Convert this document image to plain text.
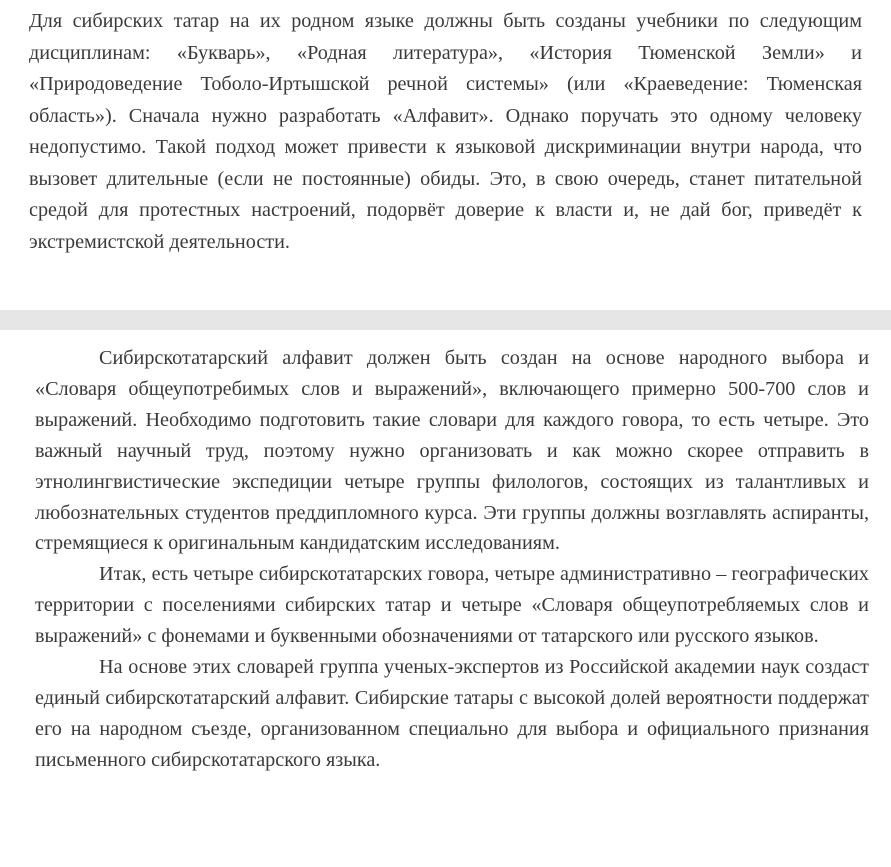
Для сибирских татар на их родном языке должны быть созданы учебники по следующим дисциплинам: «Букварь», «Родная литература», «История Тюменской Земли» и «Природоведение Тоболо-Иртышской речной системы» (или «Краеведение: Тюменская область»). Сначала нужно разработать «Алфавит». Однако поручать это одному человеку недопустимо. Такой подход может привести к языковой дискриминации внутри народа, что вызовет длительные (если не постоянные) обиды. Это, в свою очередь, станет питательной средой для протестных настроений, подорвёт доверие к власти и, не дай бог, приведёт к экстремистской деятельности.

Сибирскотатарский алфавит должен быть создан на основе народного выбора и «Словаря общеупотребимых слов и выражений», включающего примерно 500-700 слов и выражений. Необходимо подготовить такие словари для каждого говора, то есть четыре. Это важный научный труд, поэтому нужно организовать и как можно скорее отправить в этнолингвистические экспедиции четыре группы филологов, состоящих из талантливых и любознательных студентов преддипломного курса. Эти группы должны возглавлять аспиранты, стремящиеся к оригинальным кандидатским исследованиям.

Итак, есть четыре сибирскотатарских говора, четыре административно – географических территории с поселениями сибирских татар и четыре «Словаря общеупотребляемых слов и выражений» с фонемами и буквенными обозначениями от татарского или русского языков.

На основе этих словарей группа ученых-экспертов из Российской академии наук создаст единый сибирскотатарский алфавит. Сибирские татары с высокой долей вероятности поддержат его на народном съезде, организованном специально для выбора и официального признания письменного сибирскотатарского языка.
